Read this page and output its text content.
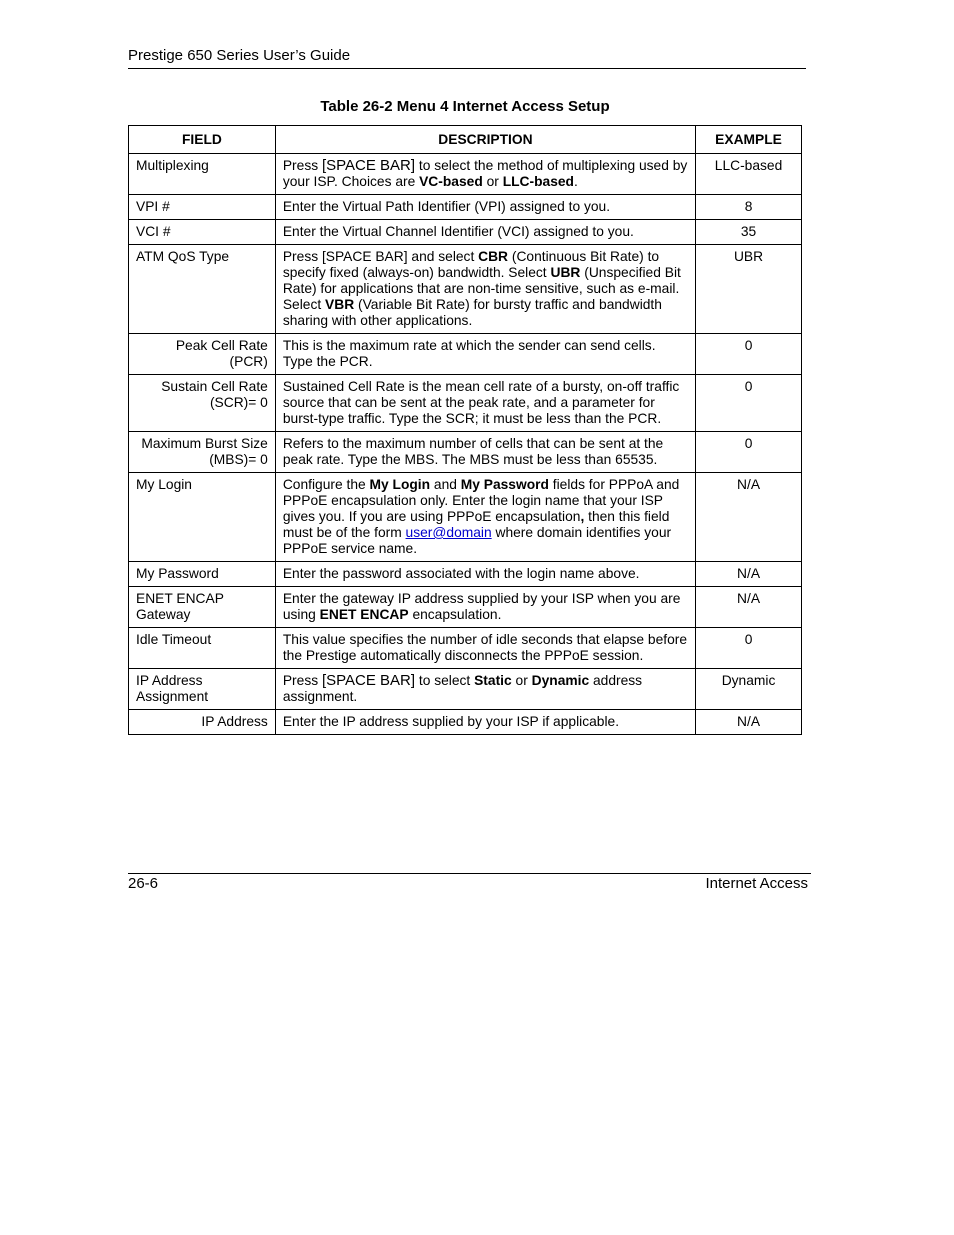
Prestige 650 Series User’s Guide
Table 26-2 Menu 4 Internet Access Setup
FIELD	DESCRIPTION	EXAMPLE
Multiplexing	Press [SPACE BAR] to select the method of multiplexing used by your ISP. Choices are VC-based or LLC-based.	LLC-based
VPI #	Enter the Virtual Path Identifier (VPI) assigned to you.	8
VCI #	Enter the Virtual Channel Identifier (VCI) assigned to you.	35
ATM QoS Type	Press [SPACE BAR] and select CBR (Continuous Bit Rate) to specify fixed (always-on) bandwidth. Select UBR (Unspecified Bit Rate) for applications that are non-time sensitive, such as e-mail. Select VBR (Variable Bit Rate) for bursty traffic and bandwidth sharing with other applications.	UBR
Peak Cell Rate (PCR)	This is the maximum rate at which the sender can send cells. Type the PCR.	0
Sustain Cell Rate (SCR)= 0	Sustained Cell Rate is the mean cell rate of a bursty, on-off traffic source that can be sent at the peak rate, and a parameter for burst-type traffic. Type the SCR; it must be less than the PCR.	0
Maximum Burst Size (MBS)= 0	Refers to the maximum number of cells that can be sent at the peak rate. Type the MBS. The MBS must be less than 65535.	0
My Login	Configure the My Login and My Password fields for PPPoA and PPPoE encapsulation only. Enter the login name that your ISP gives you. If you are using PPPoE encapsulation, then this field must be of the form user@domain where domain identifies your PPPoE service name.	N/A
My Password	Enter the password associated with the login name above.	N/A
ENET ENCAP Gateway	Enter the gateway IP address supplied by your ISP when you are using ENET ENCAP encapsulation.	N/A
Idle Timeout	This value specifies the number of idle seconds that elapse before the Prestige automatically disconnects the PPPoE session.	0
IP Address Assignment	Press [SPACE BAR] to select Static or Dynamic address assignment.	Dynamic
IP Address	Enter the IP address supplied by your ISP if applicable.	N/A
26-6	Internet Access
